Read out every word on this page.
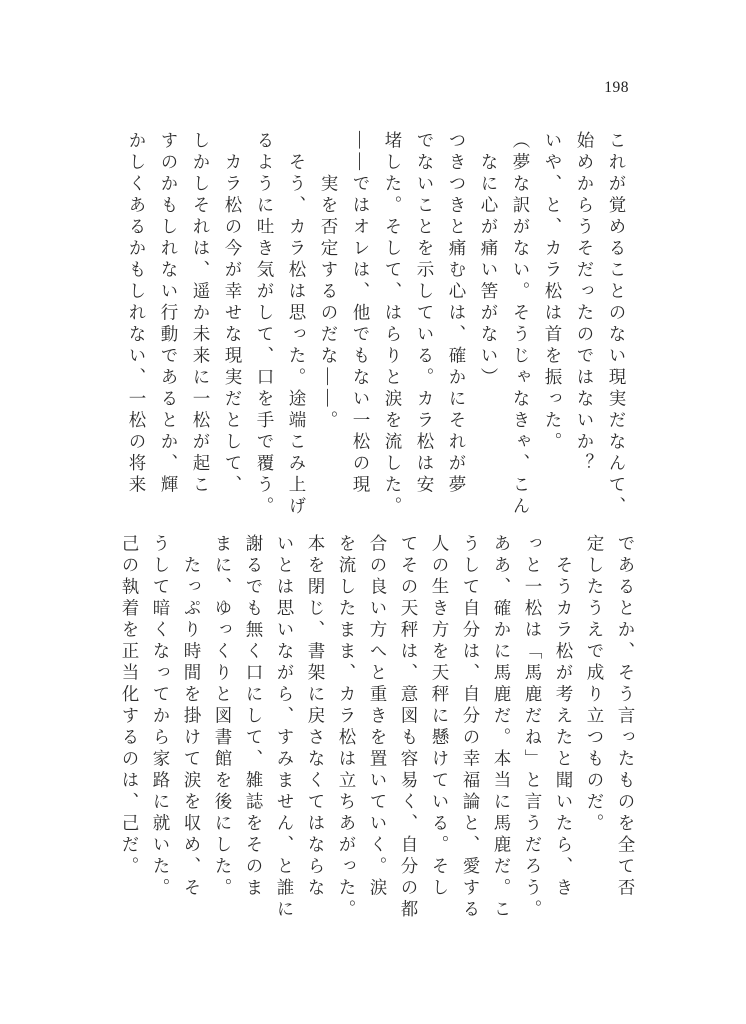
198
これが覚めることのない現実だなんて、
始めからうそだったのではないか？
いや、と、カラ松は首を振った。
（夢な訳がない。そうじゃなきゃ、こん
　なに心が痛い筈がない）
つきつきと痛む心は、確かにそれが夢
でないことを示している。カラ松は安
堵した。そして、はらりと涙を流した。
――ではオレは、他でもない一松の現
　　実を否定するのだな――。
　そう、カラ松は思った。途端こみ上げ
るように吐き気がして、口を手で覆う。
　カラ松の今が幸せな現実だとして、
しかしそれは、遥か未来に一松が起こ
すのかもしれない行動であるとか、輝
かしくあるかもしれない、一松の将来
であるとか、そう言ったものを全て否
定したうえで成り立つものだ。
　そうカラ松が考えたと聞いたら、き
っと一松は「馬鹿だね」と言うだろう。
ああ、確かに馬鹿だ。本当に馬鹿だ。こ
うして自分は、自分の幸福論と、愛する
人の生き方を天秤に懸けている。そし
てその天秤は、意図も容易く、自分の都
合の良い方へと重きを置いていく。涙
を流したまま、カラ松は立ちあがった。
本を閉じ、書架に戻さなくてはならな
いとは思いながら、すみません、と誰に
謝るでも無く口にして、雑誌をそのま
まに、ゆっくりと図書館を後にした。
　たっぷり時間を掛けて涙を収め、そ
うして暗くなってから家路に就いた。
己の執着を正当化するのは、己だ。
